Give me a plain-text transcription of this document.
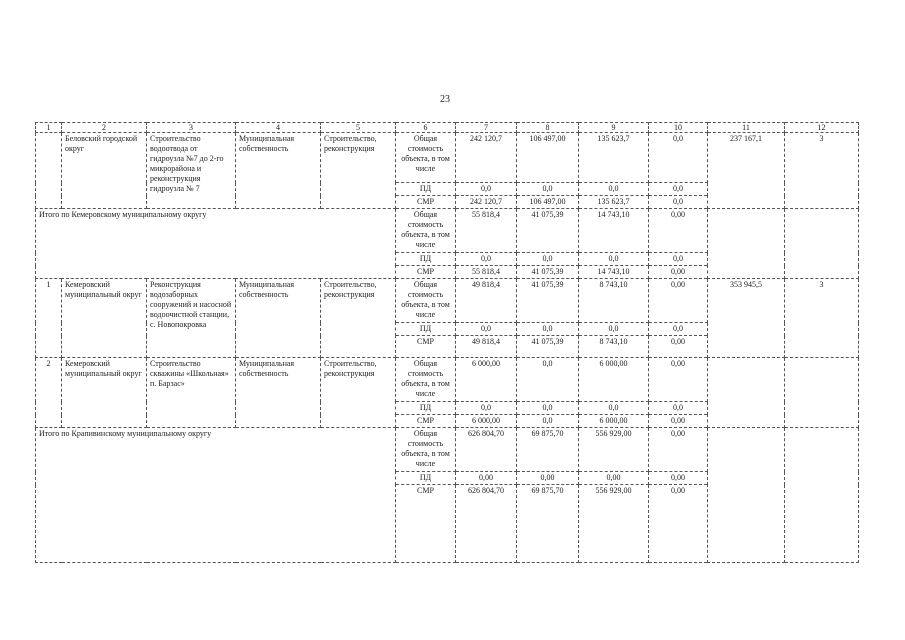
23
1	2	3	4	5	6	7	8	9	10	11	12
	Беловский городской округ	Строительство водоотвода от гидроузла №7 до 2-го микрорайона и реконструкция гидроузла № 7	Муниципальная собственность	Строительство, реконструкция	Общая стоимость объекта, в том числе	242 120,7	106 497,00	135 623,7	0,0	237 167,1	3
					ПД	0,0	0,0	0,0	0,0		
					СМР	242 120,7	106 497,00	135 623,7	0,0		
Итого по Кемеровскому муниципальному округу					Общая стоимость объекта, в том числе	55 818,4	41 075,39	14 743,10	0,00		
					ПД	0,0	0,0	0,0	0,0		
					СМР	55 818,4	41 075,39	14 743,10	0,00		
1	Кемеровский муниципальный округ	Реконструкция водозаборных сооружений и насосной водоочистной станции, с. Новопокровка	Муниципальная собственность	Строительство, реконструкция	Общая стоимость объекта, в том числе	49 818,4	41 075,39	8 743,10	0,00	353 945,5	3
					ПД	0,0	0,0	0,0	0,0		
					СМР	49 818,4	41 075,39	8 743,10	0,00		
2	Кемеровский муниципальный округ	Строительство скважины «Школьная» п. Барзас»	Муниципальная собственность	Строительство, реконструкция	Общая стоимость объекта, в том числе	6 000,00	0,0	6 000,00	0,00		
					ПД	0,0	0,0	0,0	0,0		
					СМР	6 000,00	0,0	6 000,00	0,00		
Итого по Крапивинскому муниципальному округу					Общая стоимость объекта, в том числе	626 804,70	69 875,70	556 929,00	0,00		
					ПД	0,00	0,00	0,00	0,00		
					СМР	626 804,70	69 875,70	556 929,00	0,00		
